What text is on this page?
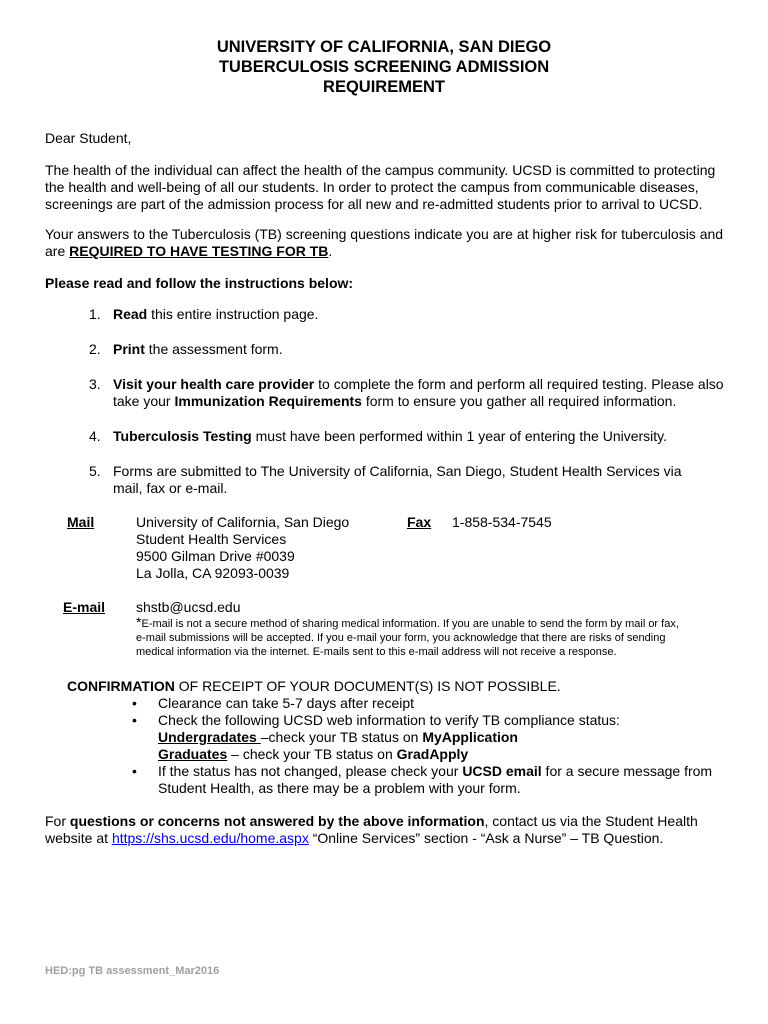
UNIVERSITY OF CALIFORNIA, SAN DIEGO
TUBERCULOSIS SCREENING ADMISSION
REQUIREMENT
Dear Student,
The health of the individual can affect the health of the campus community. UCSD is committed to protecting
the health and well-being of all our students. In order to protect the campus from communicable diseases,
screenings are part of the admission process for all new and re-admitted students prior to arrival to UCSD.
Your answers to the Tuberculosis (TB) screening questions indicate you are at higher risk for tuberculosis and
are REQUIRED TO HAVE TESTING FOR TB.
Please read and follow the instructions below:
1. Read this entire instruction page.
2. Print the assessment form.
3. Visit your health care provider to complete the form and perform all required testing. Please also
take your Immunization Requirements form to ensure you gather all required information.
4. Tuberculosis Testing must have been performed within 1 year of entering the University.
5. Forms are submitted to The University of California, San Diego, Student Health Services via
mail, fax or e-mail.
Mail	University of California, San Diego
Student Health Services
9500 Gilman Drive #0039
La Jolla, CA 92093-0039
Fax 1-858-534-7545
E-mail shstb@ucsd.edu
*E-mail is not a secure method of sharing medical information. If you are unable to send the form by mail or fax,
e-mail submissions will be accepted. If you e-mail your form, you acknowledge that there are risks of sending
medical information via the internet. E-mails sent to this e-mail address will not receive a response.
CONFIRMATION OF RECEIPT OF YOUR DOCUMENT(S) IS NOT POSSIBLE.
• Clearance can take 5-7 days after receipt
• Check the following UCSD web information to verify TB compliance status:
Undergradates –check your TB status on MyApplication
Graduates – check your TB status on GradApply
• If the status has not changed, please check your UCSD email for a secure message from
Student Health, as there may be a problem with your form.
For questions or concerns not answered by the above information, contact us via the Student Health
website at https://shs.ucsd.edu/home.aspx “Online Services” section - “Ask a Nurse” – TB Question.
HED:pg TB assessment_Mar2016
